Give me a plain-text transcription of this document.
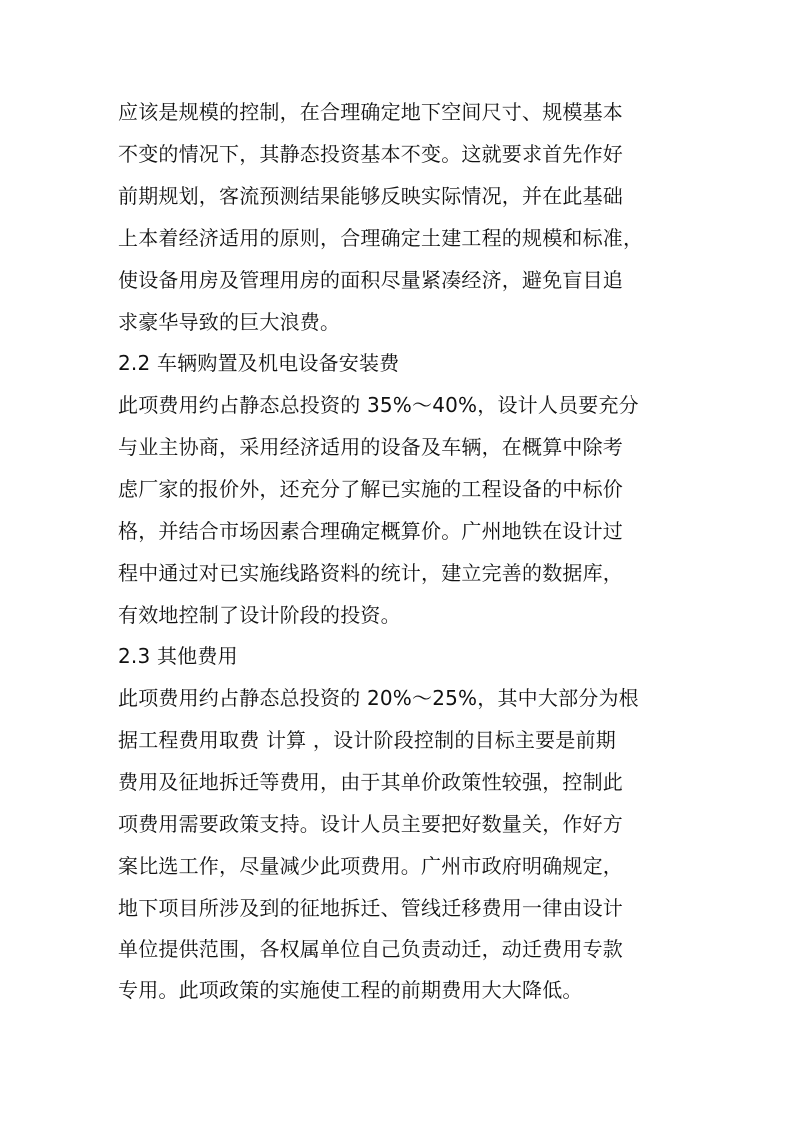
应该是规模的控制，在合理确定地下空间尺寸、规模基本
不变的情况下，其静态投资基本不变。这就要求首先作好
前期规划，客流预测结果能够反映实际情况，并在此基础
上本着经济适用的原则，合理确定土建工程的规模和标准，
使设备用房及管理用房的面积尽量紧凑经济，避免盲目追
求豪华导致的巨大浪费。
2.2 车辆购置及机电设备安装费
此项费用约占静态总投资的 35%～40%，设计人员要充分
与业主协商，采用经济适用的设备及车辆，在概算中除考
虑厂家的报价外，还充分了解已实施的工程设备的中标价
格，并结合市场因素合理确定概算价。广州地铁在设计过
程中通过对已实施线路资料的统计，建立完善的数据库，
有效地控制了设计阶段的投资。
2.3 其他费用
此项费用约占静态总投资的 20%～25%，其中大部分为根
据工程费用取费 计算 ，设计阶段控制的目标主要是前期
费用及征地拆迁等费用，由于其单价政策性较强，控制此
项费用需要政策支持。设计人员主要把好数量关，作好方
案比选工作，尽量减少此项费用。广州市政府明确规定，
地下项目所涉及到的征地拆迁、管线迁移费用一律由设计
单位提供范围，各权属单位自己负责动迁，动迁费用专款
专用。此项政策的实施使工程的前期费用大大降低。
